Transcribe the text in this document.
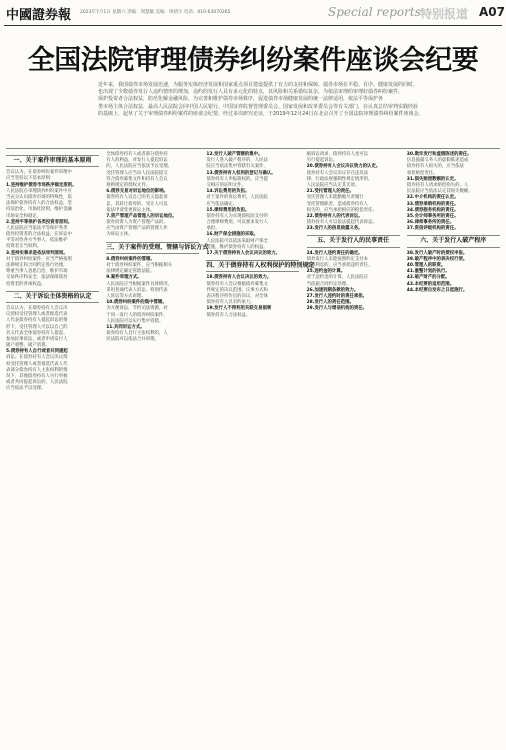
中國證券報 2023年7月1日 星期六 责编：周慧敏 美编：周靖宇 电话：010-63070265	Special reports 特别报道 A07
全国法院审理债券纠纷案件座谈会纪要
近年来，我国债券市场发展迅速，为服务实体经济发展和国家重点项目建设提供了有力的支持和保障，债券市场在平稳、有序、健康发展的同时，
也出现了少数债券发行人违约情形的增加，违约的发行人具有多元化的特点，其风险和关系错综复杂，为依法审理的审理好债券纠纷案件，
保护投资者合法权益，防范化解金融风险，为完善和维护债券市场秩序，促进债券市场健康发展的统一法律适用，依法平等保护各
类市场主体合法权益，最高人民法院会同中国人民银行、中国证券监督管理委员会、国家发展和改革委员会等有关部门，在认真总结审判实践经验
的基础上，起草了关于审理债券纠纷案件的座谈会纪要，经过多次研究论证，于2019年12月24日在北京召开了全国法院审理债券纠纷案件座谈会。
一、关于案件审理的基本原则
会议认为，在债券纠纷案件审理中
应当坚持以下基本原则：
1.坚持维护债券市场秩序稳定原则。
人民法院在审理债券纠纷案件中应
当充分认识债券市场的特殊性，依
法保护债券持有人的合法权益，坚
持法治化、市场化原则，维护金融
市场安全和稳定。
2.坚持平等保护各类投资者原则。
人民法院应当依法平等保护各类
债券投资者的合法权益，在诉讼中
平等对待各方当事人，依法维护
投资者正当权利。
3.坚持实事求是依法审判原则。
对于债券纠纷案件，应当严格按照
法律规定和合同约定进行处理，
尊重当事人意思自治，维护市场
交易秩序和安全，依法保障债券
投资者的各项权益。
二、关于诉讼主体资格的认定
会议认为，在债券持有人会议决
议授权受托管理人或者推选代表
人代表债券持有人提起诉讼的情
形下，受托管理人可以以自己的
名义代表全体债券持有人提起、
参加民事诉讼，或者申请发行人
破产重整、破产清算。
5.债券持有人自行或者共同提起
诉讼。在债券持有人会议决议授
权受托管理人或者推选代表人代
表部分债券持有人主张权利的情
况下，其他债券持有人另行单独
或者共同提起诉讼的，人民法院
应当依法予以受理。
全体债券持有人或者部分债券持
有人的利益，对发行人提起诉讼
的，人民法院应当依法予以受理。
受托管理人应当向人民法院提交
符合债券募集文件和持有人会议
规则规定的授权文件。
6.债券交易对诉讼地位的影响。
债券持有人以自己的名义提起诉
讼，其转让债券的，受让人可以
依法申请变更诉讼主体。
7.资产管理产品管理人的诉讼地位。
债券投资人为资产管理产品的，
应当由资产管理产品的管理人作
为诉讼主体。
三、关于案件的受理、管辖与诉讼方式
8.债券纠纷案件的管辖。
对于债券纠纷案件，应当根据相关
法律规定确定管辖法院。
9.案件审理方式。
人民法院应当根据案件具体情况，
采用普通代表人诉讼、特别代表
人诉讼等方式审理。
10.债券纠纷案件的集中管辖。
为方便诉讼，节约司法资源，对
于同一发行人的债券纠纷案件，
人民法院可以实行集中管辖。
11.共同诉讼方式。
债券持有人自行主张权利的，人
民法院可以依法合并审理。
12.发行人破产管辖的集中。
发行人进入破产程序的，人民法
院应当依法集中管辖有关案件。
13.债券持有人权利的登记与确认。
债券持有人申报债权的，应当提
交相应的证明文件。
14.诉讼费用的负担。
对于案件的诉讼费用，人民法院
应当依法确定。
15.律师费用的负担。
债券持有人为实现债权而支付的
合理律师费用，可以要求发行人
承担。
16.财产保全措施的采取。
人民法院可以依法采取财产保全
措施，维护债券持有人的权益。
17.关于债券持有人会议决议的效力。
四、关于债券持有人权利保护的特别规定
18.债券持有人会议决议的效力。
债券持有人会议根据债券募集文
件规定的决议范围、议事方式和
表决程序所作出的决议，对全体
债券持有人具有约束力。
19.发行人不得利用关联交易损害
债券持有人合法权益。
据诉讼请求，债券持有人也可以
另行提起诉讼。
20.债券持有人会议决议效力的认定。
债券持有人会议决议存在违反法
律、行政法规强制性规定情形的，
人民法院应当认定其无效。
21.受托管理人的责任。
受托管理人未能勤勉尽责履行
受托管理职责，造成债券持有人
损失的，应当承担相应的赔偿责任。
22.债券持有人的代表诉讼。
债券持有人可以依法提起代表诉讼。
23.发行人的信息披露义务。
五、关于发行人的民事责任
24.发行人违约责任的确定。
债券发行人未能按照约定支付本
金和利息的，应当承担违约责任。
25.违约金的计算。
对于违约金的计算，人民法院应
当依据合同约定处理。
26.加速到期条款的效力。
27.发行人违约时的责任承担。
28.发行人的责任范围。
29.发行人与增信机构的责任。
30.欺诈发行和虚假陈述的责任。
信息披露义务人的虚假陈述造成
债券持有人损失的，应当依法
承担赔偿责任。
31.损失赔偿数额的认定。
债券持有人请求赔偿损失的，人
民法院应当依法认定其损失数额。
32.中介机构的责任认定。
33.债券承销机构的责任。
34.债券服务机构的责任。
35.会计师事务所的责任。
36.律师事务所的责任。
37.资信评级机构的责任。
六、关于发行人破产程序
38.发行人破产时的债权申报。
39.破产程序中的表决权行使。
40.管理人的职责。
41.重整计划的执行。
42.破产财产的分配。
43.本纪要的适用范围。
44.本纪要自发布之日起施行。
